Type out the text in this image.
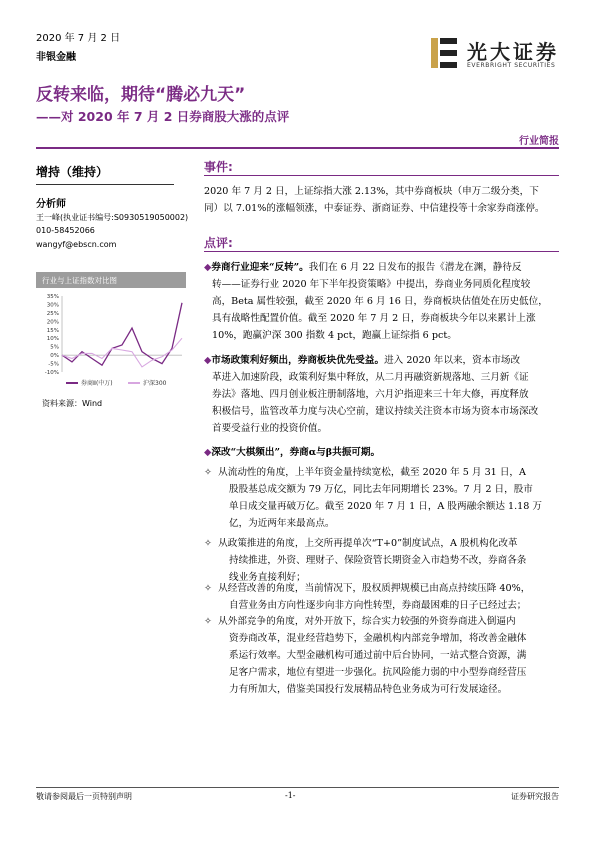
2020 年 7 月 2 日
非银金融	光大证券
EVERBRIGHT SECURITIES
反转来临，期待“腾必九天”
——对 2020 年 7 月 2 日券商股大涨的点评
行业简报
增持（维持）
分析师
王一峰(执业证书编号:S0930519050002)
010-58452066
wangyf@ebscn.com
行业与上证指数对比图
35%
30%
25%
20%
15%
10%
5%
0%
-5%
-10%
券商Ⅱ(中万)	沪深300
资料来源：Wind
事件:
2020 年 7 月 2 日，上证综指大涨 2.13%，其中券商板块（申万二级分类，下
同）以 7.01%的涨幅领涨，中泰证券、浙商证券、中信建投等十余家券商涨停。
点评:
◆券商行业迎来“反转”。我们在 6 月 22 日发布的报告《潜龙在渊，静待反
转——证券行业 2020 年下半年投资策略》中提出，券商业务同质化程度较
高，Beta 属性较强，截至 2020 年 6 月 16 日，券商板块估值处在历史低位，
具有战略性配置价值。截至 2020 年 7 月 2 日，券商板块今年以来累计上涨
10%，跑赢沪深 300 指数 4 pct，跑赢上证综指 6 pct。
◆市场政策利好频出，券商板块优先受益。进入 2020 年以来，资本市场改
革进入加速阶段，政策利好集中释放，从二月再融资新规落地、三月新《证
券法》落地、四月创业板注册制落地，六月沪指迎来三十年大修，再度释放
积极信号，监管改革力度与决心空前，建议持续关注资本市场为资本市场深改
首要受益行业的投资价值。
◆深改“大棋频出”，券商α与β共振可期。
✧ 从流动性的角度，上半年资金量持续宽松，截至 2020 年 5 月 31 日，A
股股基总成交额为 79 万亿，同比去年同期增长 23%。7 月 2 日，股市
单日成交量再破万亿。截至 2020 年 7 月 1 日，A 股两融余额达 1.18 万
亿，为近两年来最高点。
✧ 从政策推进的角度，上交所再提单次“T+0”制度试点，A 股机构化改革
持续推进，外资、理财子、保险资管长期资金入市趋势不改，券商各条
线业务直接利好；
✧ 从经营改善的角度，当前情况下，股权质押规模已由高点持续压降 40%，
自营业务由方向性逐步向非方向性转型，券商最困难的日子已经过去；
✧ 从外部竞争的角度，对外开放下，综合实力较强的外资券商进入倒逼内
资券商改革，混业经营趋势下，金融机构内部竞争增加，将改善金融体
系运行效率。大型金融机构可通过前中后台协同，一站式整合资源，满
足客户需求，地位有望进一步强化。抗风险能力弱的中小型券商经营压
力有所加大，借鉴美国投行发展精品特色业务成为可行发展途径。
敬请参阅最后一页特别声明	-1-	证券研究报告
